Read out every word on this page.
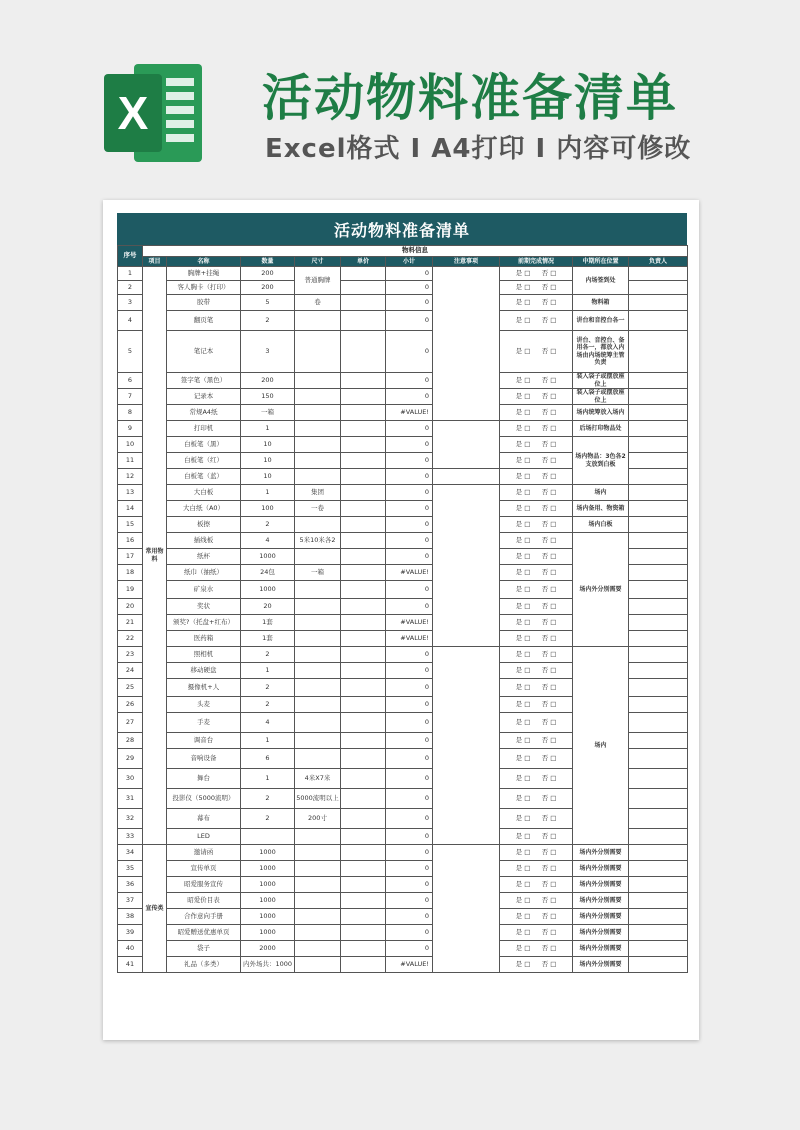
X 活动物料准备清单
Excel格式 Ⅰ A4打印 Ⅰ 内容可修改
活动物料准备清单
序号	物料信息									
	项目	名称	数量	尺寸	单价	小计	注意事项	前期完成情况	中期所在位置	负责人
1	常用物料	胸牌+挂绳	200	普通胸牌		0		是 □ 否 □	内场签到处	
2		客人胸卡（打印）	200			0		是 □ 否 □		
3		胶带	5	卷		0		是 □ 否 □	物料箱	
4		翻页笔	2			0		是 □ 否 □	讲台和音控台各一	
5		笔记本	3			0		是 □ 否 □	讲台、音控台、备用各一，都放入内场由内场统筹主管负责	
6		签字笔（黑色）	200			0		是 □ 否 □	装入袋子或摆放座位上	
7		记录本	150			0		是 □ 否 □	装入袋子或摆放座位上	
8		常规A4纸	一箱			#VALUE!		是 □ 否 □	场内统筹放入场内	
9		打印机	1			0		是 □ 否 □	后场打印物品处	
10		白板笔（黑）	10			0		是 □ 否 □	场内物品：3色各2支放到白板	
11		白板笔（红）	10			0		是 □ 否 □		
12		白板笔（蓝）	10			0		是 □ 否 □		
13		大白板	1	集团		0		是 □ 否 □	场内	
14		大白纸（A0）	100	一卷		0		是 □ 否 □	场内备用、物资箱	
15		板擦	2			0		是 □ 否 □	场内白板	
16		插线板	4	5米10米各2		0		是 □ 否 □	场内外分别需要	
17		纸杯	1000			0		是 □ 否 □		
18		纸巾（抽纸）	24包	一箱		#VALUE!		是 □ 否 □		
19		矿泉水	1000			0		是 □ 否 □		
20		奖状	20			0		是 □ 否 □		
21		颁奖?（托盘+红布）	1套			#VALUE!		是 □ 否 □		
22		医药箱	1套			#VALUE!		是 □ 否 □		
23		照相机	2			0		是 □ 否 □	场内	
24		移动硬盘	1			0		是 □ 否 □		
25		摄像机+人	2			0		是 □ 否 □		
26		头麦	2			0		是 □ 否 □		
27		手麦	4			0		是 □ 否 □		
28		调音台	1			0		是 □ 否 □		
29		音响设备	6			0		是 □ 否 □		
30		舞台	1	4米X7米		0		是 □ 否 □		
31		投影仪（5000流明）	2	5000流明以上		0		是 □ 否 □		
32		幕布	2	200寸		0		是 □ 否 □		
33		LED				0		是 □ 否 □		
34	宣传类	邀请函	1000			0		是 □ 否 □	场内外分别需要	
35		宣传单页	1000			0		是 □ 否 □	场内外分别需要	
36		昭爱服务宣传	1000			0		是 □ 否 □	场内外分别需要	
37		昭爱价目表	1000			0		是 □ 否 □	场内外分别需要	
38		合作意向手册	1000			0		是 □ 否 □	场内外分别需要	
39		昭爱赠送优惠单页	1000			0		是 □ 否 □	场内外分别需要	
40		袋子	2000			0		是 □ 否 □	场内外分别需要	
41		礼品（多类）	内外场共：1000			#VALUE!		是 □ 否 □	场内外分别需要	
